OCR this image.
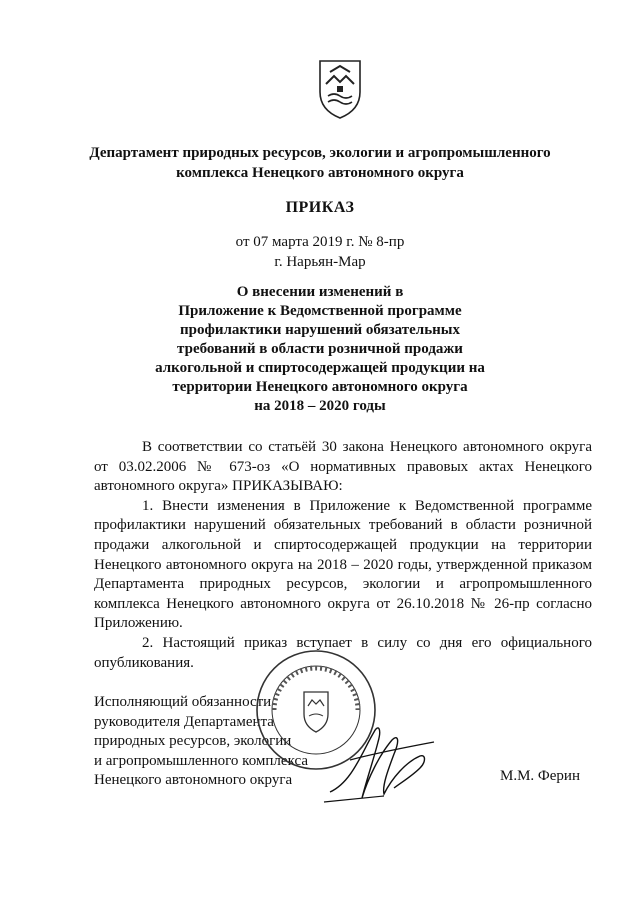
Департамент природных ресурсов, экологии и агропромышленного
комплекса Ненецкого автономного округа
ПРИКАЗ
от 07 марта 2019 г. № 8-пр
г. Нарьян-Мар
О внесении изменений в
Приложение к Ведомственной программе
профилактики нарушений обязательных
требований в области розничной продажи
алкогольной и спиртосодержащей продукции на
территории Ненецкого автономного округа
на 2018 – 2020 годы

В соответствии со статьёй 30 закона Ненецкого автономного округа от 03.02.2006 № 673-оз «О нормативных правовых актах Ненецкого автономного округа» ПРИКАЗЫВАЮ:

1. Внести изменения в Приложение к Ведомственной программе профилактики нарушений обязательных требований в области розничной продажи алкогольной и спиртосодержащей продукции на территории Ненецкого автономного округа на 2018 – 2020 годы, утвержденной приказом Департамента природных ресурсов, экологии и агропромышленного комплекса Ненецкого автономного округа от 26.10.2018 № 26-пр согласно Приложению.

2. Настоящий приказ вступает в силу со дня его официального опубликования.

Исполняющий обязанности
руководителя Департамента
природных ресурсов, экологии
и агропромышленного комплекса
Ненецкого автономного округа	М.М. Ферин
